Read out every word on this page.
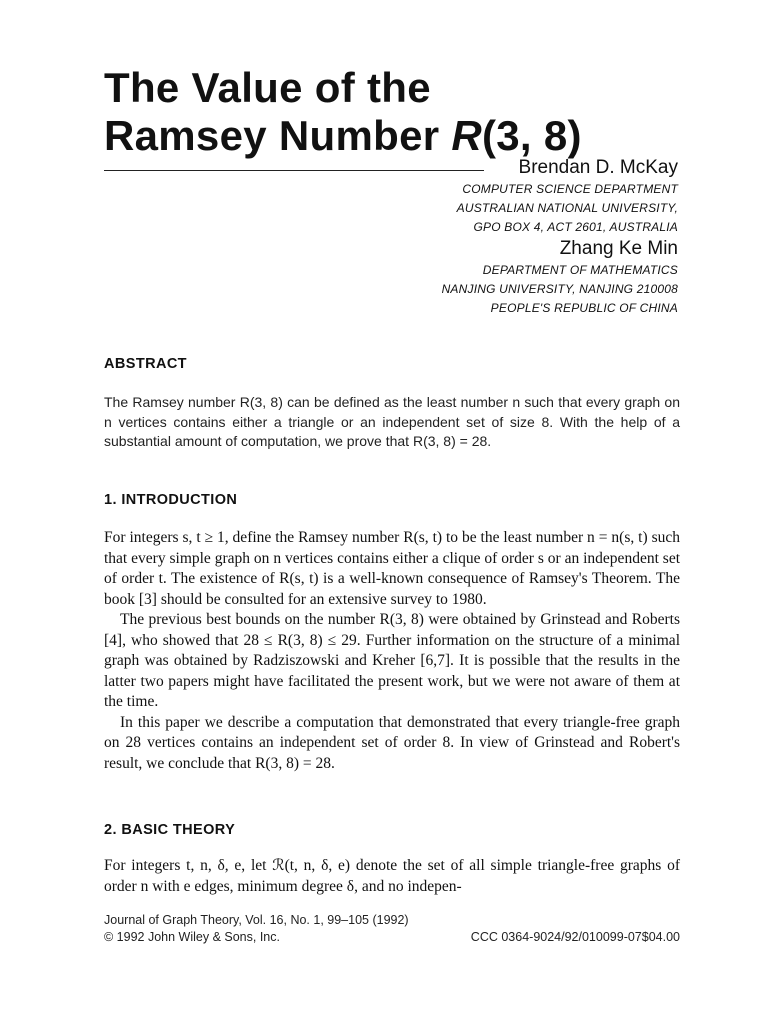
The Value of the
Ramsey Number R(3, 8)
Brendan D. McKay
COMPUTER SCIENCE DEPARTMENT
AUSTRALIAN NATIONAL UNIVERSITY,
GPO BOX 4, ACT 2601, AUSTRALIA
Zhang Ke Min
DEPARTMENT OF MATHEMATICS
NANJING UNIVERSITY, NANJING 210008
PEOPLE'S REPUBLIC OF CHINA
ABSTRACT

The Ramsey number R(3, 8) can be defined as the least number n such that every graph on n vertices contains either a triangle or an independent set of size 8. With the help of a substantial amount of computation, we prove that R(3, 8) = 28.

1. INTRODUCTION

For integers s, t ≥ 1, define the Ramsey number R(s, t) to be the least number n = n(s, t) such that every simple graph on n vertices contains either a clique of order s or an independent set of order t. The existence of R(s, t) is a well-known consequence of Ramsey's Theorem. The book [3] should be consulted for an extensive survey to 1980.

The previous best bounds on the number R(3, 8) were obtained by Grinstead and Roberts [4], who showed that 28 ≤ R(3, 8) ≤ 29. Further information on the structure of a minimal graph was obtained by Radziszowski and Kreher [6,7]. It is possible that the results in the latter two papers might have facilitated the present work, but we were not aware of them at the time.

In this paper we describe a computation that demonstrated that every triangle-free graph on 28 vertices contains an independent set of order 8. In view of Grinstead and Robert's result, we conclude that R(3, 8) = 28.

2. BASIC THEORY

For integers t, n, δ, e, let ℛ(t, n, δ, e) denote the set of all simple triangle-free graphs of order n with e edges, minimum degree δ, and no indepen-

Journal of Graph Theory, Vol. 16, No. 1, 99–105 (1992)
© 1992 John Wiley & Sons, Inc.	CCC 0364-9024/92/010099-07$04.00
